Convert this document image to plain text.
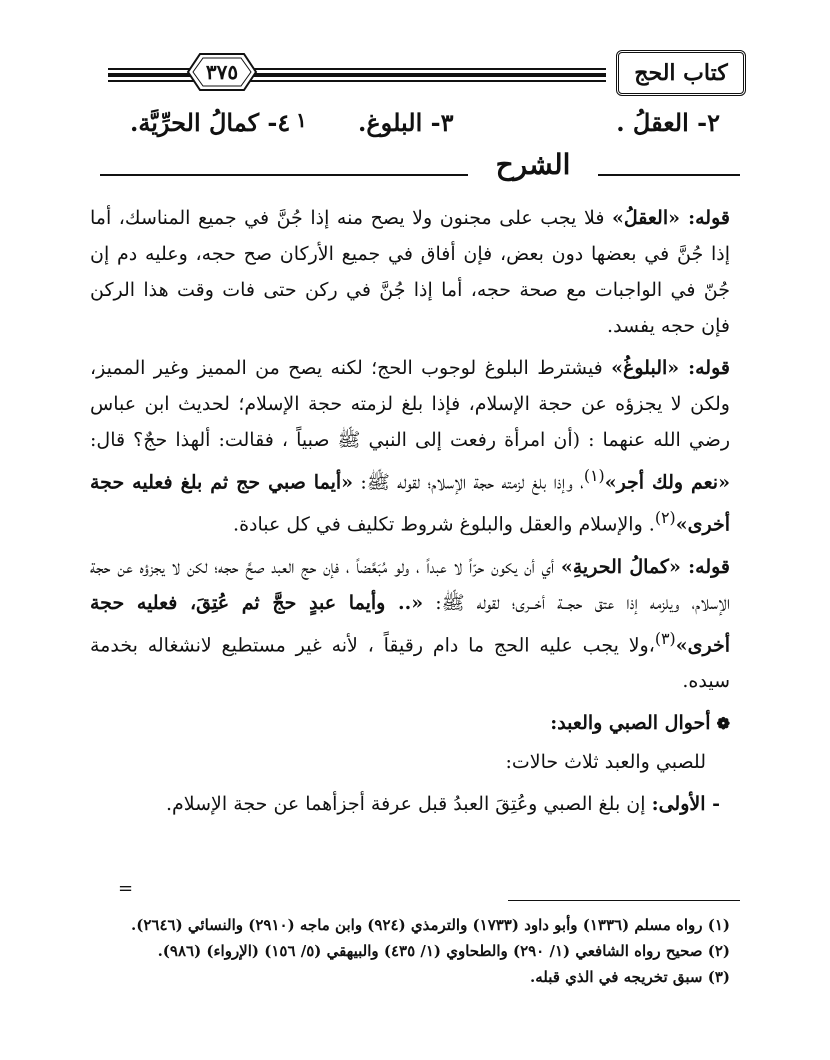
كتاب الحج
٣٧٥
٢- العقلُ .
٣- البلوغ.
١
٤- كمالُ الحرِّيَّة.
الشرح

قوله: «العقلُ» فلا يجب على مجنون ولا يصح منه إذا جُنَّ في جميع المناسك، أما إذا جُنَّ في بعضها دون بعض، فإن أفاق في جميع الأركان صح حجه، وعليه دم إن جُنّ في الواجبات مع صحة حجه، أما إذا جُنَّ في ركن حتى فات وقت هذا الركن فإن حجه يفسد.

قوله: «البلوغُ» فيشترط البلوغ لوجوب الحج؛ لكنه يصح من المميز وغير المميز، ولكن لا يجزؤه عن حجة الإسلام، فإذا بلغ لزمته حجة الإسلام؛ لحديث ابن عباس رضي الله عنهما : (أن امرأة رفعت إلى النبي ﷺ صبياً ، فقالت: ألهذا حجٌ؟ قال: «نعم ولك أجر»$^{(١)}$، وإذا بلغ لزمته حجة الإسلام؛ لقوله ﷺ: «أيما صبي حج ثم بلغ فعليه حجة أخرى»$^{(٢)}$. والإسلام والعقل والبلوغ شروط تكليف في كل عبادة.

قوله: «كمالُ الحريةِ» أي أن يكون حرّاً لا عبداً ، ولو مُبَعَّضاً ، فإن حج العبد صحَّ حجه؛ لكن لا يجزؤه عن حجة الإسلام، ويلزمه إذا عتق حجــة أخــرى؛ لقوله ﷺ: «.. وأيما عبدٍ حجَّ ثم عُتِقَ، فعليه حجة أخرى»$^{(٣)}$،ولا يجب عليه الحج ما دام رقيقاً ، لأنه غير مستطيع لانشغاله بخدمة سيده.

❁أحوال الصبي والعبد:

للصبي والعبد ثلاث حالات:

- الأولى: إن بلغ الصبي وعُتِقَ العبدُ قبل عرفة أجزأهما عن حجة الإسلام.

=
(١) رواه مسلم (١٣٣٦) وأبو داود (١٧٣٣) والترمذي (٩٢٤) وابن ماجه (٢٩١٠) والنسائي (٢٦٤٦).
(٢) صحيح رواه الشافعي (١/ ٢٩٠) والطحاوي (١/ ٤٣٥) والبيهقي (٥/ ١٥٦) (الإرواء) (٩٨٦).
(٣) سبق تخريجه في الذي قبله.
